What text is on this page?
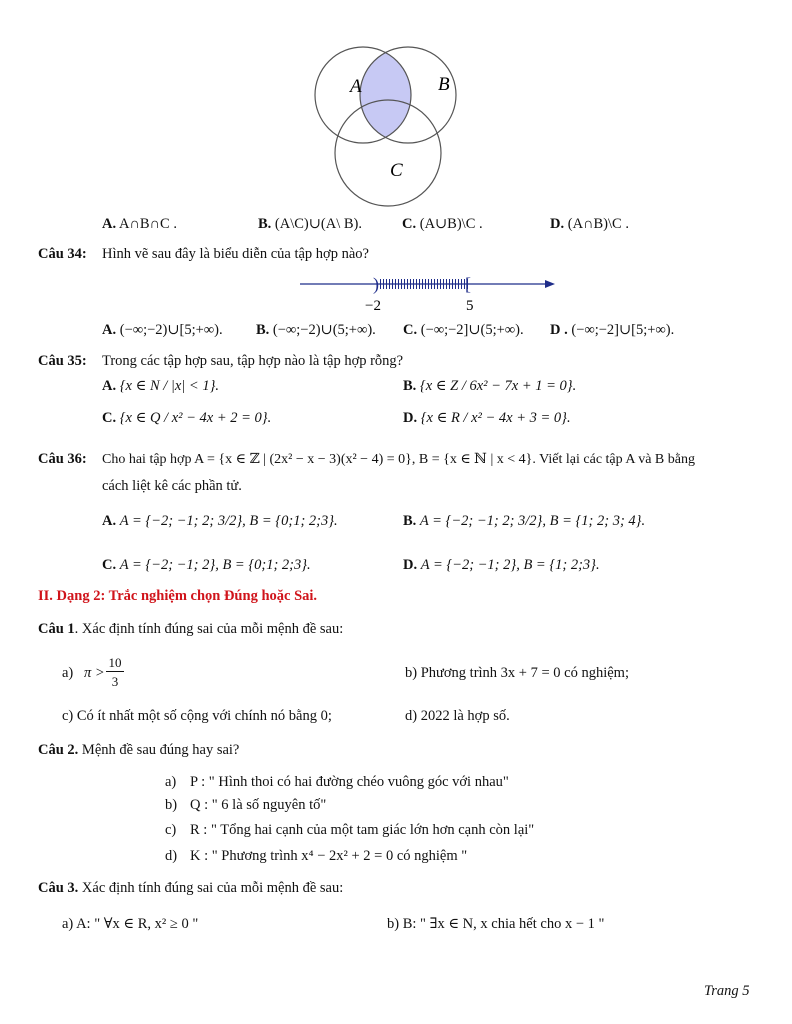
A	B
C
A. A∩B∩C .	B. (A\C)∪(A\ B).	C. (A∪B)\C .	D. (A∩B)\C .
Câu 34: Hình vẽ sau đây là biểu diễn của tập hợp nào?
)	[
−2	5
A. (−∞;−2)∪[5;+∞). B. (−∞;−2)∪(5;+∞). C. (−∞;−2]∪(5;+∞). D . (−∞;−2]∪[5;+∞).
Câu 35: Trong các tập hợp sau, tập hợp nào là tập hợp rỗng?
A. {x ∈ N / |x| < 1}.	B. {x ∈ Z / 6x² − 7x + 1 = 0}.
C. {x ∈ Q / x² − 4x + 2 = 0}.	D. {x ∈ R / x² − 4x + 3 = 0}.
Câu 36: Cho hai tập hợp A = {x ∈ ℤ | (2x² − x − 3)(x² − 4) = 0}, B = {x ∈ ℕ | x < 4}. Viết lại các tập A và B bằng
cách liệt kê các phần tử.
A. A = {−2; −1; 2; 3/2}, B = {0;1; 2;3}.	B. A = {−2; −1; 2; 3/2}, B = {1; 2; 3; 4}.
C. A = {−2; −1; 2}, B = {0;1; 2;3}.	D. A = {−2; −1; 2}, B = {1; 2;3}.
II. Dạng 2: Trắc nghiệm chọn Đúng hoặc Sai.
Câu 1. Xác định tính đúng sai của mỗi mệnh đề sau:
a) π >
10
3
b) Phương trình 3x + 7 = 0 có nghiệm;
c) Có ít nhất một số cộng với chính nó bằng 0;	d) 2022 là hợp số.
Câu 2. Mệnh đề sau đúng hay sai?
a) P : " Hình thoi có hai đường chéo vuông góc với nhau"
b) Q : " 6 là số nguyên tố"
c) R : " Tổng hai cạnh của một tam giác lớn hơn cạnh còn lại"
d) K : " Phương trình x⁴ − 2x² + 2 = 0 có nghiệm "
Câu 3. Xác định tính đúng sai của mỗi mệnh đề sau:
a) A: " ∀x ∈ R, x² ≥ 0 "	b) B: " ∃x ∈ N, x chia hết cho x − 1 "
Trang 5
